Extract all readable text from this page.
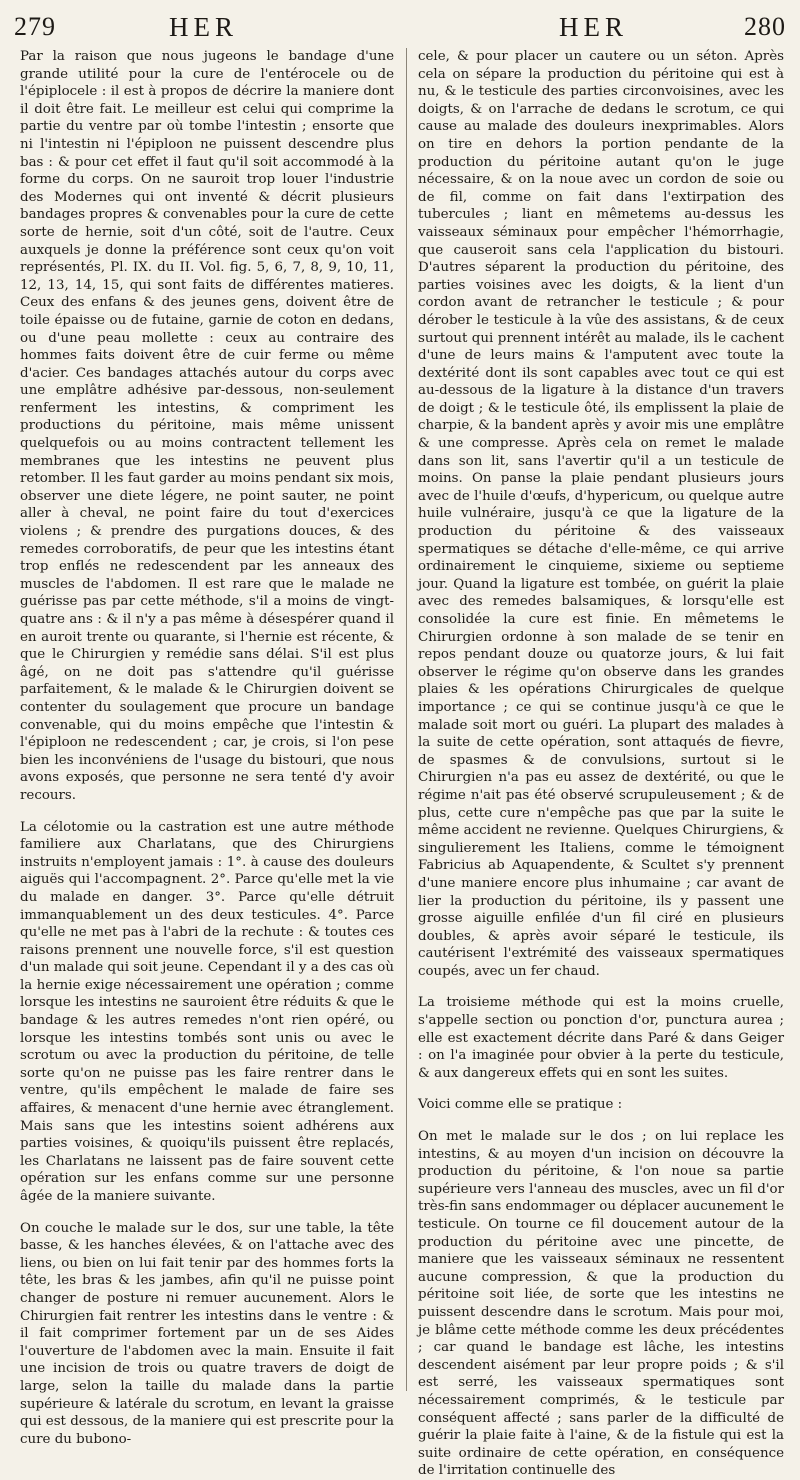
279	HER	HER	280

Par la raison que nous jugeons le bandage d'une grande utilité pour la cure de l'entérocele ou de l'épiplocele : il est à propos de décrire la maniere dont il doit être fait. Le meilleur est celui qui comprime la partie du ventre par où tombe l'intestin ; ensorte que ni l'intestin ni l'épiploon ne puissent descendre plus bas : & pour cet effet il faut qu'il soit accommodé à la forme du corps. On ne sauroit trop louer l'industrie des Modernes qui ont inventé & décrit plusieurs bandages propres & convenables pour la cure de cette sorte de hernie, soit d'un côté, soit de l'autre. Ceux auxquels je donne la préférence sont ceux qu'on voit représentés, Pl. IX. du II. Vol. fig. 5, 6, 7, 8, 9, 10, 11, 12, 13, 14, 15, qui sont faits de différentes matieres. Ceux des enfans & des jeunes gens, doivent être de toile épaisse ou de futaine, garnie de coton en dedans, ou d'une peau mollette : ceux au contraire des hommes faits doivent être de cuir ferme ou même d'acier. Ces bandages attachés autour du corps avec une emplâtre adhésive par-dessous, non-seulement renferment les intestins, & compriment les productions du péritoine, mais même unissent quelquefois ou au moins contractent tellement les membranes que les intestins ne peuvent plus retomber. Il les faut garder au moins pendant six mois, observer une diete légere, ne point sauter, ne point aller à cheval, ne point faire du tout d'exercices violens ; & prendre des purgations douces, & des remedes corroboratifs, de peur que les intestins étant trop enflés ne redescendent par les anneaux des muscles de l'abdomen. Il est rare que le malade ne guérisse pas par cette méthode, s'il a moins de vingt-quatre ans : & il n'y a pas même à désespérer quand il en auroit trente ou quarante, si l'hernie est récente, & que le Chirurgien y remédie sans délai. S'il est plus âgé, on ne doit pas s'attendre qu'il guérisse parfaitement, & le malade & le Chirurgien doivent se contenter du soulagement que procure un bandage convenable, qui du moins empêche que l'intestin & l'épiploon ne redescendent ; car, je crois, si l'on pese bien les inconvéniens de l'usage du bistouri, que nous avons exposés, que personne ne sera tenté d'y avoir recours.

La célotomie ou la castration est une autre méthode familiere aux Charlatans, que des Chirurgiens instruits n'employent jamais : 1°. à cause des douleurs aiguës qui l'accompagnent. 2°. Parce qu'elle met la vie du malade en danger. 3°. Parce qu'elle détruit immanquablement un des deux testicules. 4°. Parce qu'elle ne met pas à l'abri de la rechute : & toutes ces raisons prennent une nouvelle force, s'il est question d'un malade qui soit jeune. Cependant il y a des cas où la hernie exige nécessairement une opération ; comme lorsque les intestins ne sauroient être réduits & que le bandage & les autres remedes n'ont rien opéré, ou lorsque les intestins tombés sont unis ou avec le scrotum ou avec la production du péritoine, de telle sorte qu'on ne puisse pas les faire rentrer dans le ventre, qu'ils empêchent le malade de faire ses affaires, & menacent d'une hernie avec étranglement. Mais sans que les intestins soient adhérens aux parties voisines, & quoiqu'ils puissent être replacés, les Charlatans ne laissent pas de faire souvent cette opération sur les enfans comme sur une personne âgée de la maniere suivante.

On couche le malade sur le dos, sur une table, la tête basse, & les hanches élevées, & on l'attache avec des liens, ou bien on lui fait tenir par des hommes forts la tête, les bras & les jambes, afin qu'il ne puisse point changer de posture ni remuer aucunement. Alors le Chirurgien fait rentrer les intestins dans le ventre : & il fait comprimer fortement par un de ses Aides l'ouverture de l'abdomen avec la main. Ensuite il fait une incision de trois ou quatre travers de doigt de large, selon la taille du malade dans la partie supérieure & latérale du scrotum, en levant la graisse qui est dessous, de la maniere qui est prescrite pour la cure du bubono-

cele, & pour placer un cautere ou un séton. Après cela on sépare la production du péritoine qui est à nu, & le testicule des parties circonvoisines, avec les doigts, & on l'arrache de dedans le scrotum, ce qui cause au malade des douleurs inexprimables. Alors on tire en dehors la portion pendante de la production du péritoine autant qu'on le juge nécessaire, & on la noue avec un cordon de soie ou de fil, comme on fait dans l'extirpation des tubercules ; liant en mêmetems au-dessus les vaisseaux séminaux pour empêcher l'hémorrhagie, que causeroit sans cela l'application du bistouri. D'autres séparent la production du péritoine, des parties voisines avec les doigts, & la lient d'un cordon avant de retrancher le testicule ; & pour dérober le testicule à la vûe des assistans, & de ceux surtout qui prennent intérêt au malade, ils le cachent d'une de leurs mains & l'amputent avec toute la dextérité dont ils sont capables avec tout ce qui est au-dessous de la ligature à la distance d'un travers de doigt ; & le testicule ôté, ils emplissent la plaie de charpie, & la bandent après y avoir mis une emplâtre & une compresse. Après cela on remet le malade dans son lit, sans l'avertir qu'il a un testicule de moins. On panse la plaie pendant plusieurs jours avec de l'huile d'œufs, d'hypericum, ou quelque autre huile vulnéraire, jusqu'à ce que la ligature de la production du péritoine & des vaisseaux spermatiques se détache d'elle-même, ce qui arrive ordinairement le cinquieme, sixieme ou septieme jour. Quand la ligature est tombée, on guérit la plaie avec des remedes balsamiques, & lorsqu'elle est consolidée la cure est finie. En mêmetems le Chirurgien ordonne à son malade de se tenir en repos pendant douze ou quatorze jours, & lui fait observer le régime qu'on observe dans les grandes plaies & les opérations Chirurgicales de quelque importance ; ce qui se continue jusqu'à ce que le malade soit mort ou guéri. La plupart des malades à la suite de cette opération, sont attaqués de fievre, de spasmes & de convulsions, surtout si le Chirurgien n'a pas eu assez de dextérité, ou que le régime n'ait pas été observé scrupuleusement ; & de plus, cette cure n'empêche pas que par la suite le même accident ne revienne. Quelques Chirurgiens, & singulierement les Italiens, comme le témoignent Fabricius ab Aquapendente, & Scultet s'y prennent d'une maniere encore plus inhumaine ; car avant de lier la production du péritoine, ils y passent une grosse aiguille enfilée d'un fil ciré en plusieurs doubles, & après avoir séparé le testicule, ils cautérisent l'extrémité des vaisseaux spermatiques coupés, avec un fer chaud.

La troisieme méthode qui est la moins cruelle, s'appelle section ou ponction d'or, punctura aurea ; elle est exactement décrite dans Paré & dans Geiger : on l'a imaginée pour obvier à la perte du testicule, & aux dangereux effets qui en sont les suites.

Voici comme elle se pratique :

On met le malade sur le dos ; on lui replace les intestins, & au moyen d'un incision on découvre la production du péritoine, & l'on noue sa partie supérieure vers l'anneau des muscles, avec un fil d'or très-fin sans endommager ou déplacer aucunement le testicule. On tourne ce fil doucement autour de la production du péritoine avec une pincette, de maniere que les vaisseaux séminaux ne ressentent aucune compression, & que la production du péritoine soit liée, de sorte que les intestins ne puissent descendre dans le scrotum. Mais pour moi, je blâme cette méthode comme les deux précédentes ; car quand le bandage est lâche, les intestins descendent aisément par leur propre poids ; & s'il est serré, les vaisseaux spermatiques sont nécessairement comprimés, & le testicule par conséquent affecté ; sans parler de la difficulté de guérir la plaie faite à l'aine, & de la fistule qui est la suite ordinaire de cette opération, en conséquence de l'irritation continuelle des
